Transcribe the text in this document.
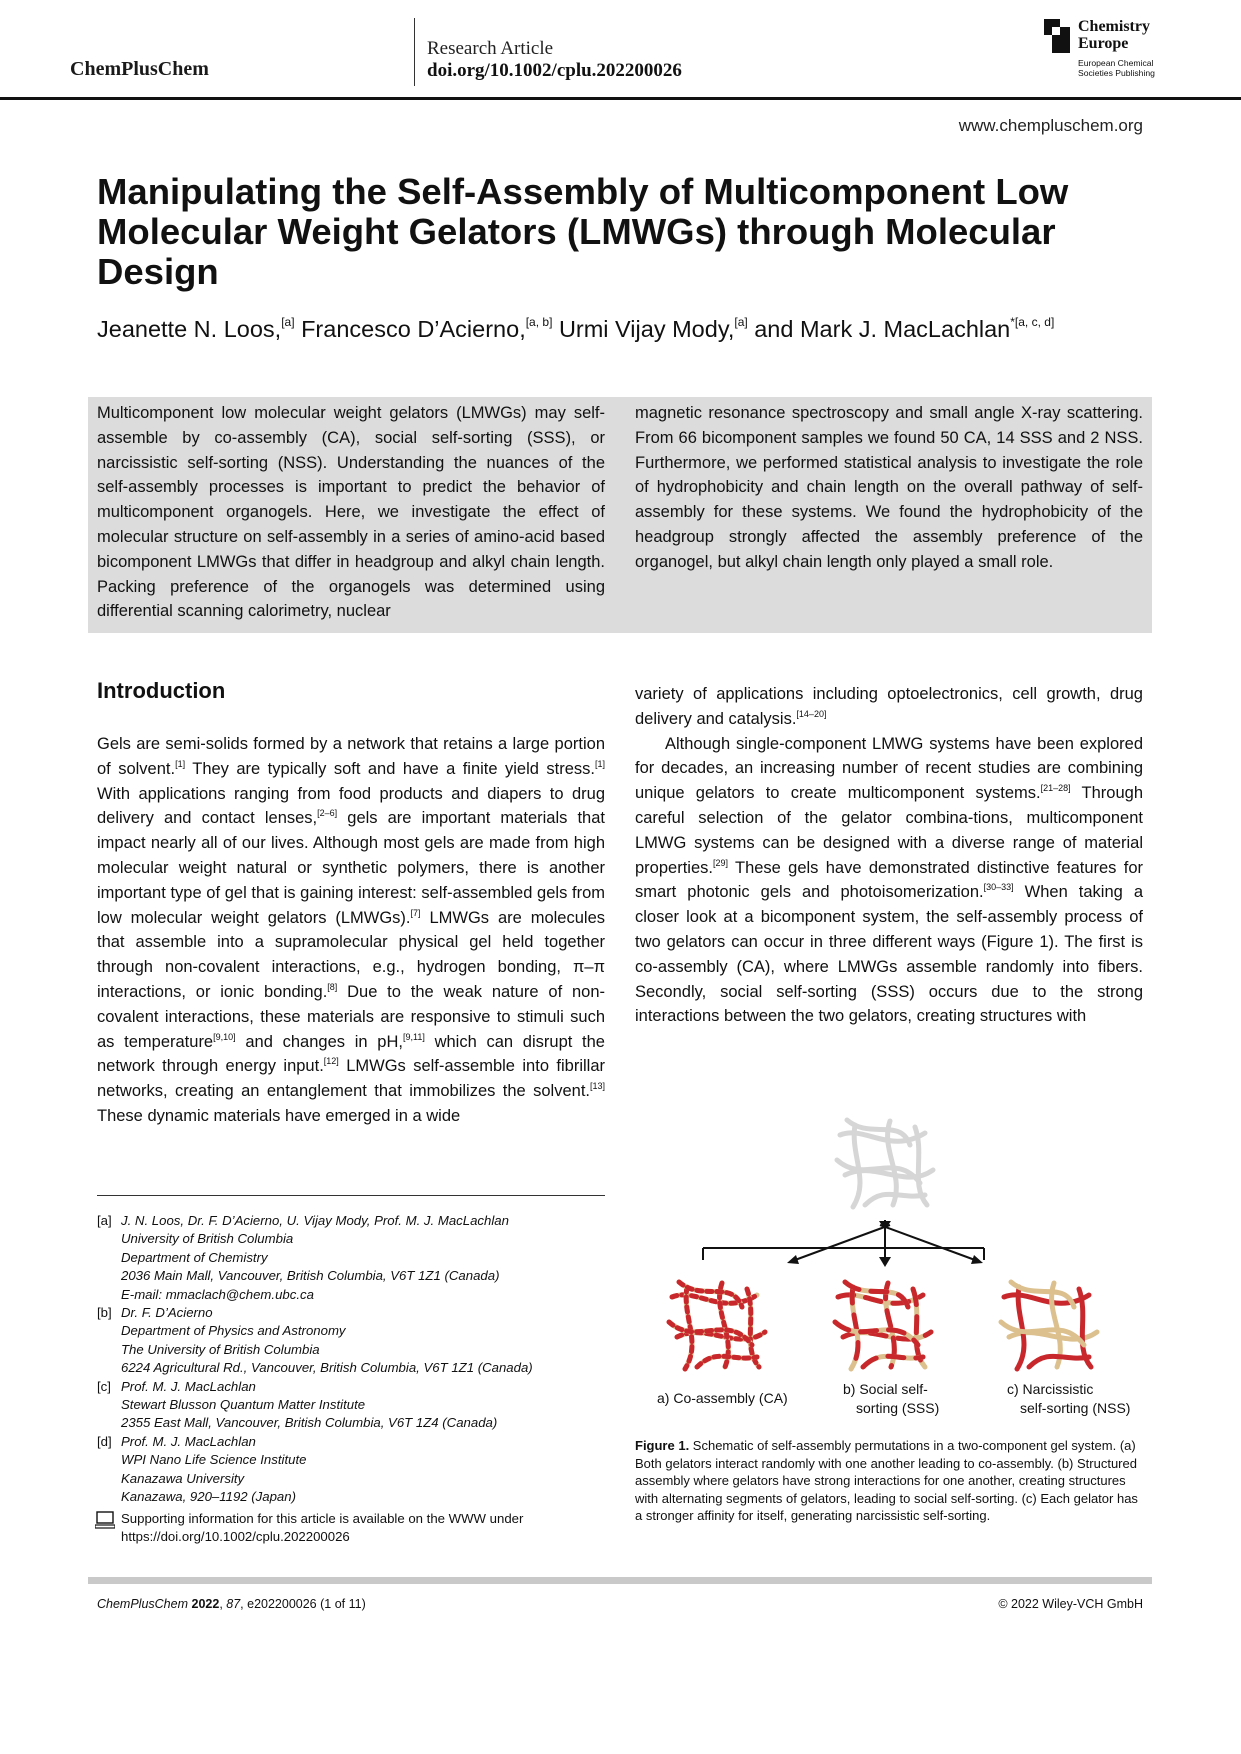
ChemPlusChem
Research Article
doi.org/10.1002/cplu.202200026
Chemistry
Europe
European Chemical
Societies Publishing
www.chempluschem.org
Manipulating the Self-Assembly of Multicomponent Low
Molecular Weight Gelators (LMWGs) through Molecular
Design
Jeanette N. Loos,[a] Francesco D’Acierno,[a, b] Urmi Vijay Mody,[a] and Mark J. MacLachlan$^{*[a, c, d]}$
Multicomponent low molecular weight gelators (LMWGs) may self-assemble by co-assembly (CA), social self-sorting (SSS), or narcissistic self-sorting (NSS). Understanding the nuances of the self-assembly processes is important to predict the behavior of multicomponent organogels. Here, we investigate the effect of molecular structure on self-assembly in a series of amino-acid based bicomponent LMWGs that differ in headgroup and alkyl chain length. Packing preference of the organogels was determined using differential scanning calorimetry, nuclear
magnetic resonance spectroscopy and small angle X-ray scattering. From 66 bicomponent samples we found 50 CA, 14 SSS and 2 NSS. Furthermore, we performed statistical analysis to investigate the role of hydrophobicity and chain length on the overall pathway of self-assembly for these systems. We found the hydrophobicity of the headgroup strongly affected the assembly preference of the organogel, but alkyl chain length only played a small role.
Introduction

Gels are semi-solids formed by a network that retains a large portion of solvent.[1] They are typically soft and have a finite yield stress.[1] With applications ranging from food products and diapers to drug delivery and contact lenses,[2–6] gels are important materials that impact nearly all of our lives. Although most gels are made from high molecular weight natural or synthetic polymers, there is another important type of gel that is gaining interest: self-assembled gels from low molecular weight gelators (LMWGs).[7] LMWGs are molecules that assemble into a supramolecular physical gel held together through non-covalent interactions, e.g., hydrogen bonding, π–π interactions, or ionic bonding.[8] Due to the weak nature of non-covalent interactions, these materials are responsive to stimuli such as temperature[9,10] and changes in pH,[9,11] which can disrupt the network through energy input.[12] LMWGs self-assemble into fibrillar networks, creating an entanglement that immobilizes the solvent.[13] These dynamic materials have emerged in a wide

variety of applications including optoelectronics, cell growth, drug delivery and catalysis.[14–20]

Although single-component LMWG systems have been explored for decades, an increasing number of recent studies are combining unique gelators to create multicomponent systems.[21–28] Through careful selection of the gelator combina-tions, multicomponent LMWG systems can be designed with a diverse range of material properties.[29] These gels have demonstrated distinctive features for smart photonic gels and photoisomerization.[30–33] When taking a closer look at a bicomponent system, the self-assembly process of two gelators can occur in three different ways (Figure 1). The first is co-assembly (CA), where LMWGs assemble randomly into fibers. Secondly, social self-sorting (SSS) occurs due to the strong interactions between the two gelators, creating structures with

[a] J. N. Loos, Dr. F. D’Acierno, U. Vijay Mody, Prof. M. J. MacLachlan
University of British Columbia
Department of Chemistry
2036 Main Mall, Vancouver, British Columbia, V6T 1Z1 (Canada)
E-mail: mmaclach@chem.ubc.ca
[b] Dr. F. D’Acierno
Department of Physics and Astronomy
The University of British Columbia
6224 Agricultural Rd., Vancouver, British Columbia, V6T 1Z1 (Canada)
[c] Prof. M. J. MacLachlan
Stewart Blusson Quantum Matter Institute
2355 East Mall, Vancouver, British Columbia, V6T 1Z4 (Canada)
[d] Prof. M. J. MacLachlan
WPI Nano Life Science Institute
Kanazawa University
Kanazawa, 920–1192 (Japan)
Supporting information for this article is available on the WWW under
https://doi.org/10.1002/cplu.202200026
a) Co-assembly (CA)
b) Social self-
sorting (SSS)
c) Narcissistic
self-sorting (NSS)
Figure 1. Schematic of self-assembly permutations in a two-component gel system. (a) Both gelators interact randomly with one another leading to co-assembly. (b) Structured assembly where gelators have strong interactions for one another, creating structures with alternating segments of gelators, leading to social self-sorting. (c) Each gelator has a stronger affinity for itself, generating narcissistic self-sorting.
ChemPlusChem 2022, 87, e202200026 (1 of 11)	© 2022 Wiley-VCH GmbH
